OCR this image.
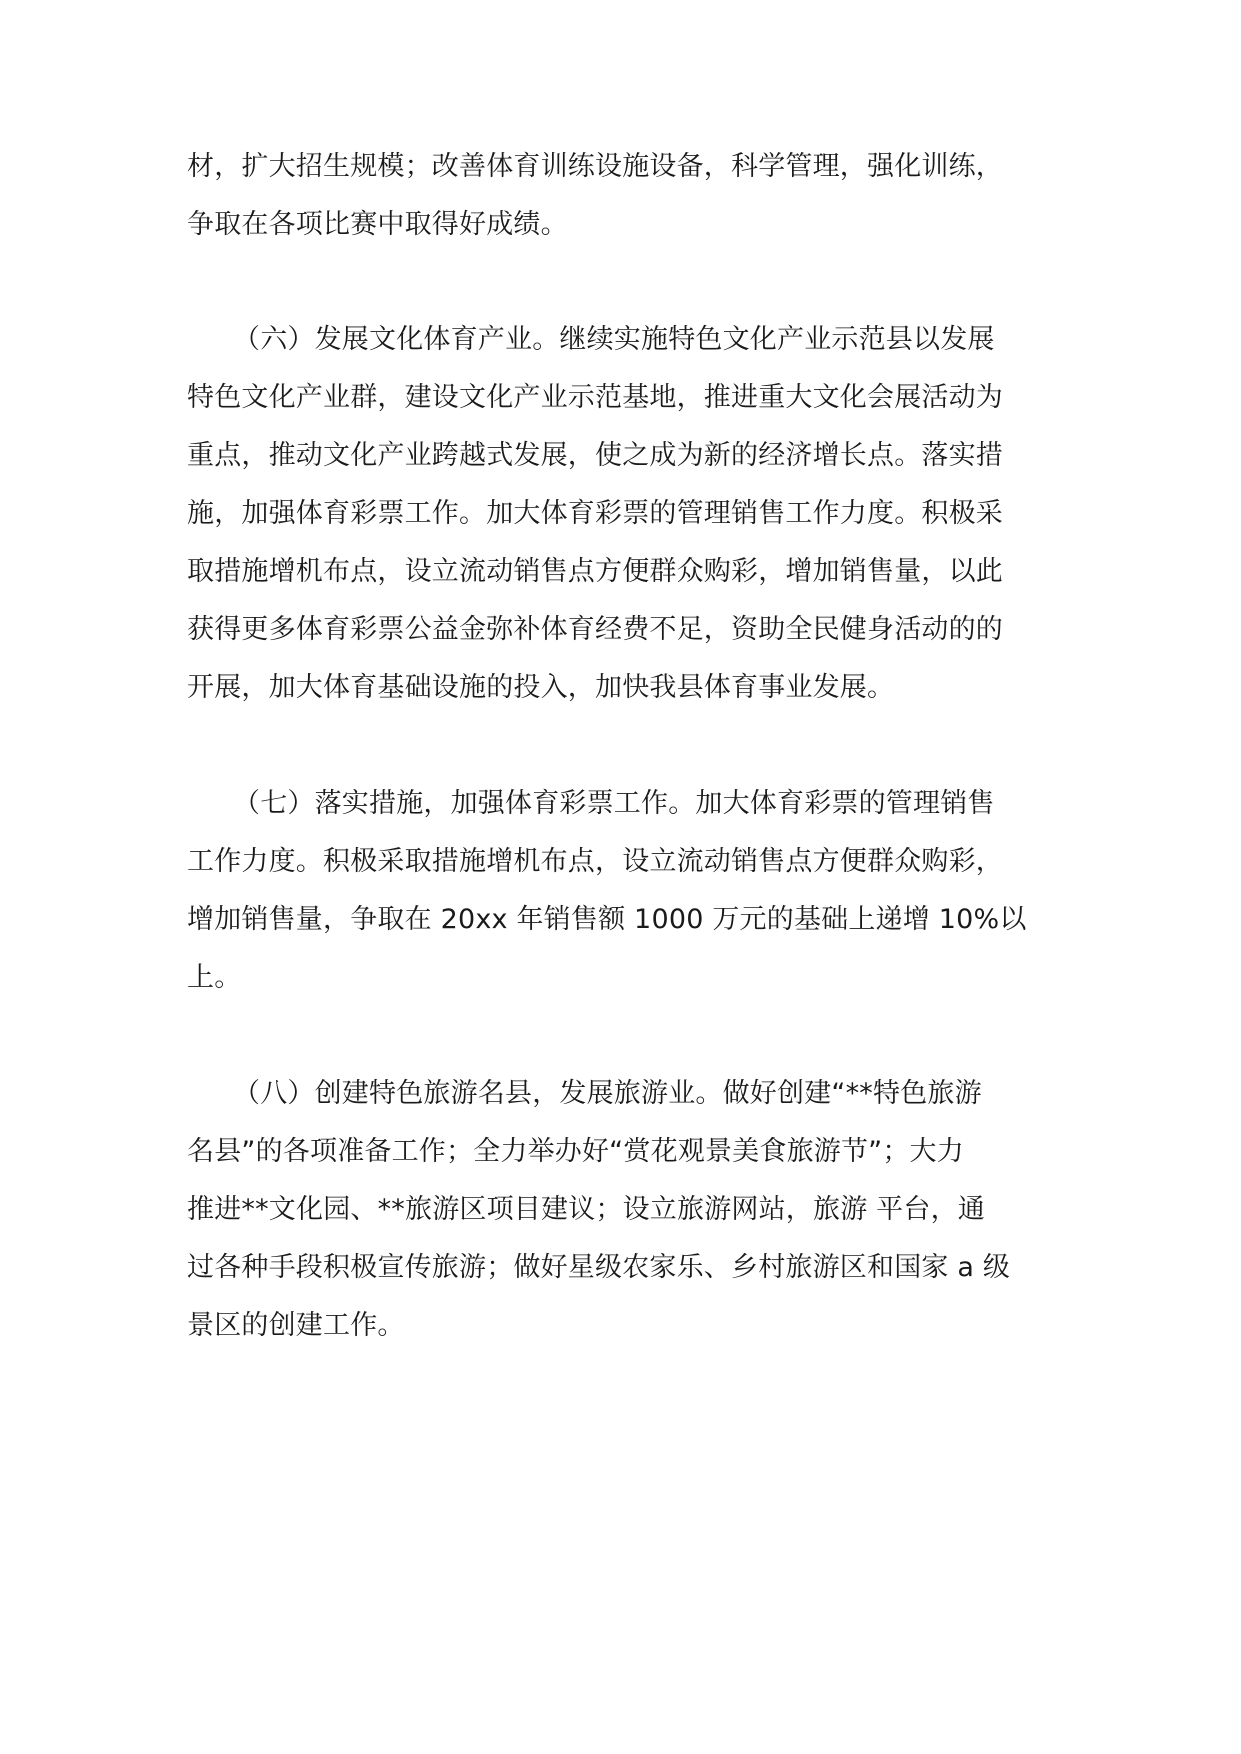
材，扩大招生规模；改善体育训练设施设备，科学管理，强化训练，

争取在各项比赛中取得好成绩。

（六）发展文化体育产业。继续实施特色文化产业示范县以发展

特色文化产业群，建设文化产业示范基地，推进重大文化会展活动为

重点，推动文化产业跨越式发展，使之成为新的经济增长点。落实措

施，加强体育彩票工作。加大体育彩票的管理销售工作力度。积极采

取措施增机布点，设立流动销售点方便群众购彩，增加销售量，以此

获得更多体育彩票公益金弥补体育经费不足，资助全民健身活动的的

开展，加大体育基础设施的投入，加快我县体育事业发展。

（七）落实措施，加强体育彩票工作。加大体育彩票的管理销售

工作力度。积极采取措施增机布点，设立流动销售点方便群众购彩，

增加销售量，争取在 20xx 年销售额 1000 万元的基础上递增 10%以

上。

（八）创建特色旅游名县，发展旅游业。做好创建“**特色旅游

名县”的各项准备工作；全力举办好“赏花观景美食旅游节”；大力

推进**文化园、**旅游区项目建议；设立旅游网站，旅游 平台，通

过各种手段积极宣传旅游；做好星级农家乐、乡村旅游区和国家 a 级

景区的创建工作。
